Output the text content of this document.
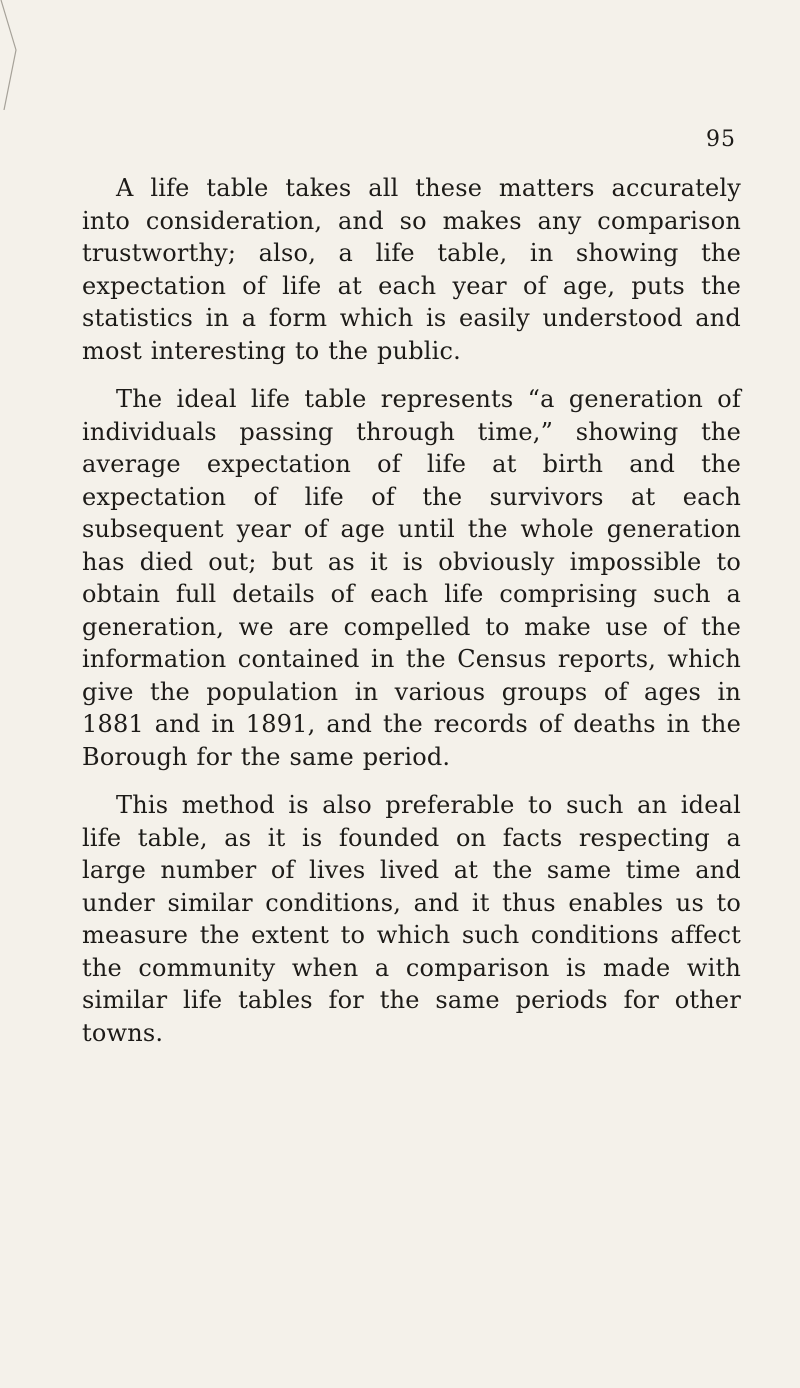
95

A life table takes all these matters accurately into consideration, and so makes any comparison trustworthy; also, a life table, in showing the expectation of life at each year of age, puts the statistics in a form which is easily understood and most interesting to the public.

The ideal life table represents “a generation of individuals passing through time,” showing the average expectation of life at birth and the expectation of life of the survivors at each subsequent year of age until the whole generation has died out; but as it is obviously impossible to obtain full details of each life comprising such a generation, we are compelled to make use of the information contained in the Census reports, which give the population in various groups of ages in 1881 and in 1891, and the records of deaths in the Borough for the same period.

This method is also preferable to such an ideal life table, as it is founded on facts respecting a large number of lives lived at the same time and under similar conditions, and it thus enables us to measure the extent to which such conditions affect the community when a comparison is made with similar life tables for the same periods for other towns.
